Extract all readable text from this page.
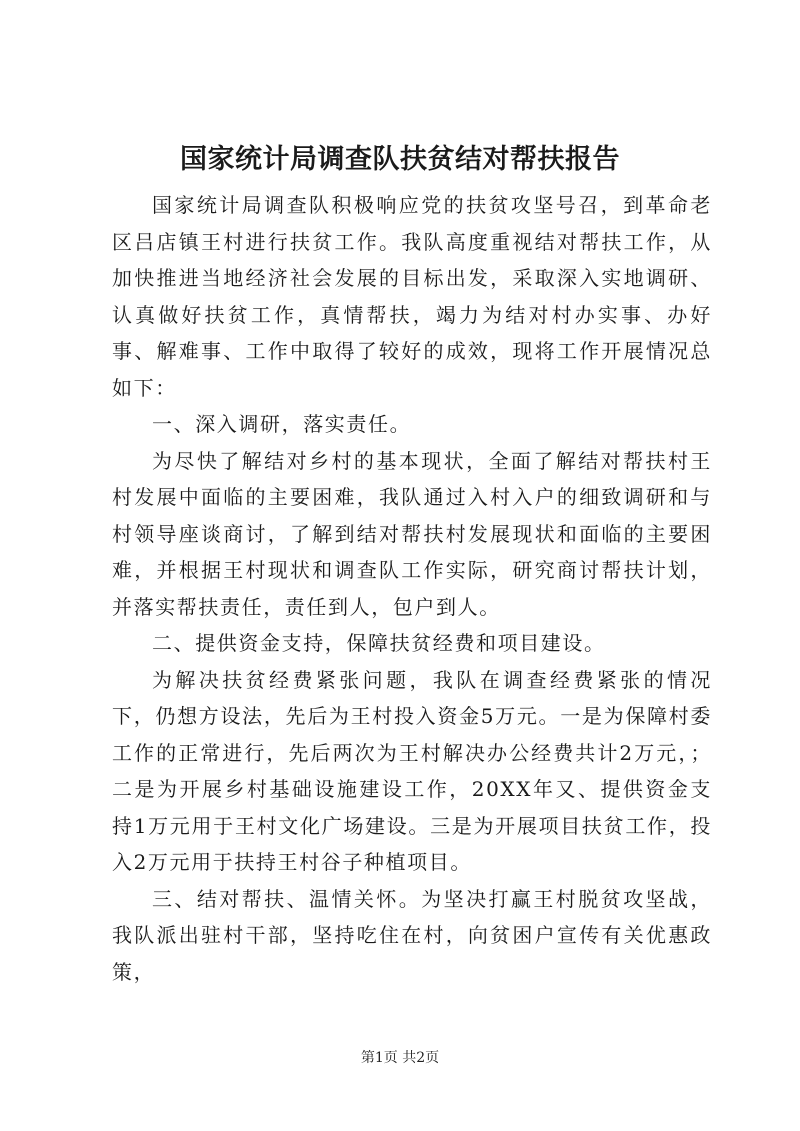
国家统计局调查队扶贫结对帮扶报告

国家统计局调查队积极响应党的扶贫攻坚号召，到革命老区吕店镇王村进行扶贫工作。我队高度重视结对帮扶工作，从加快推进当地经济社会发展的目标出发，采取深入实地调研、认真做好扶贫工作，真情帮扶，竭力为结对村办实事、办好事、解难事、工作中取得了较好的成效，现将工作开展情况总如下：

一、深入调研，落实责任。

为尽快了解结对乡村的基本现状，全面了解结对帮扶村王村发展中面临的主要困难，我队通过入村入户的细致调研和与村领导座谈商讨，了解到结对帮扶村发展现状和面临的主要困难，并根据王村现状和调查队工作实际，研究商讨帮扶计划，并落实帮扶责任，责任到人，包户到人。

二、提供资金支持，保障扶贫经费和项目建设。

为解决扶贫经费紧张问题，我队在调查经费紧张的情况下，仍想方设法，先后为王村投入资金5万元。一是为保障村委工作的正常进行，先后两次为王村解决办公经费共计2万元，；二是为开展乡村基础设施建设工作，20XX年又、提供资金支持1万元用于王村文化广场建设。三是为开展项目扶贫工作，投入2万元用于扶持王村谷子种植项目。

三、结对帮扶、温情关怀。为坚决打赢王村脱贫攻坚战，我队派出驻村干部，坚持吃住在村，向贫困户宣传有关优惠政策，

第1页 共2页
